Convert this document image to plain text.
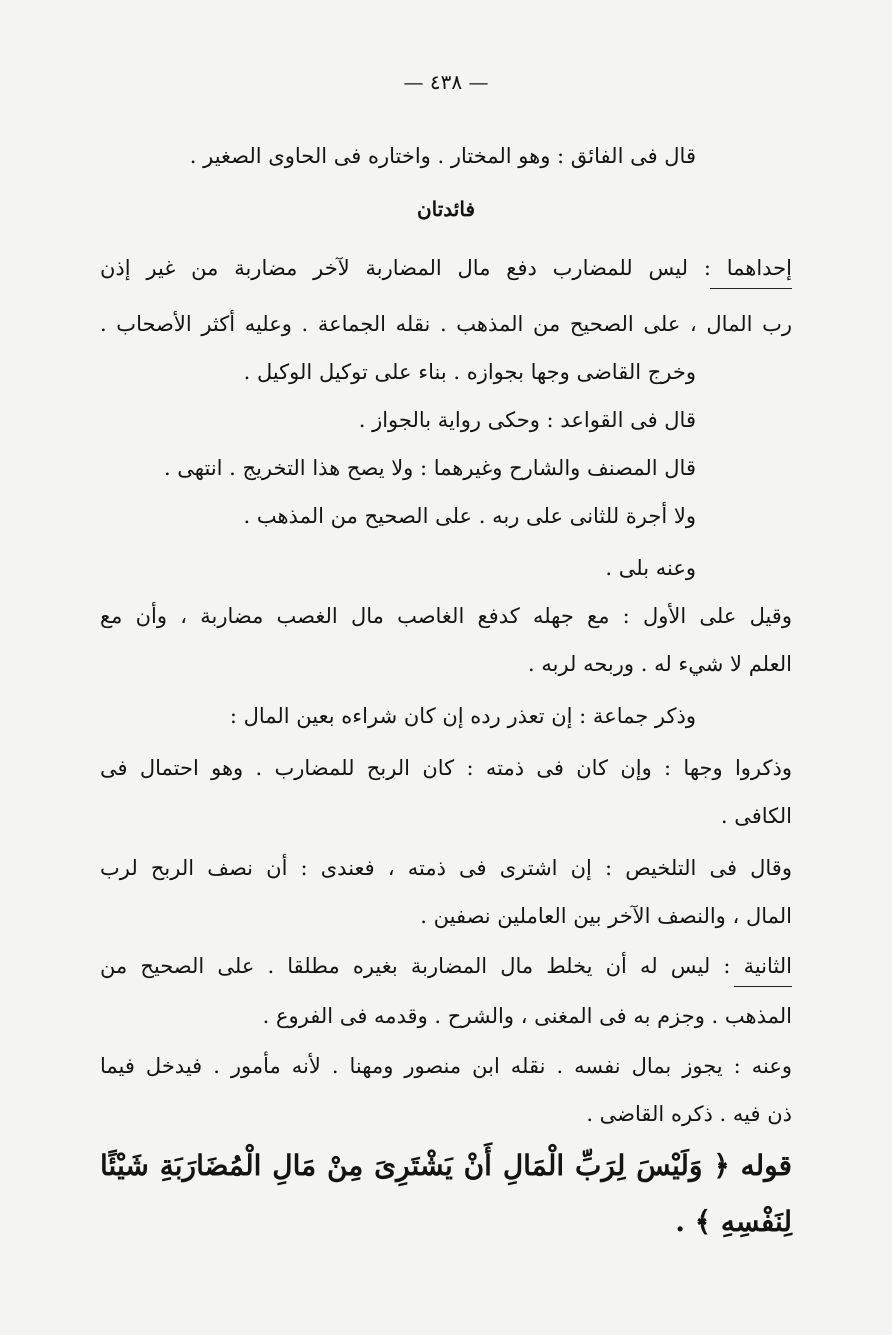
— ٤٣٨ —
قال فى الفائق : وهو المختار . واختاره فى الحاوى الصغير .
فائدتان
إحداهما : ليس للمضارب دفع مال المضاربة لآخر مضاربة من غير إذن
رب المال ، على الصحيح من المذهب . نقله الجماعة . وعليه أكثر الأصحاب .
وخرج القاضى وجها بجوازه . بناء على توكيل الوكيل .
قال فى القواعد : وحكى رواية بالجواز .
قال المصنف والشارح وغيرهما : ولا يصح هذا التخريج . انتهى .
ولا أجرة للثانى على ربه . على الصحيح من المذهب .
وعنه بلى .
وقيل على الأول : مع جهله كدفع الغاصب مال الغصب مضاربة ، وأن مع
العلم لا شيء له . وربحه لربه .
وذكر جماعة : إن تعذر رده إن كان شراءه بعين المال :
وذكروا وجها : وإن كان فى ذمته : كان الربح للمضارب . وهو احتمال فى
الكافى .
وقال فى التلخيص : إن اشترى فى ذمته ، فعندى : أن نصف الربح لرب
المال ، والنصف الآخر بين العاملين نصفين .
الثانية : ليس له أن يخلط مال المضاربة بغيره مطلقا . على الصحيح من
المذهب . وجزم به فى المغنى ، والشرح . وقدمه فى الفروع .
وعنه : يجوز بمال نفسه . نقله ابن منصور ومهنا . لأنه مأمور . فيدخل فيما
ذن فيه . ذكره القاضى .
قوله ﴿ وَلَيْسَ لِرَبِّ الْمَالِ أَنْ يَشْتَرِىَ مِنْ مَالِ الْمُضَارَبَةِ شَيْئًا
لِنَفْسِهِ ﴾ .
